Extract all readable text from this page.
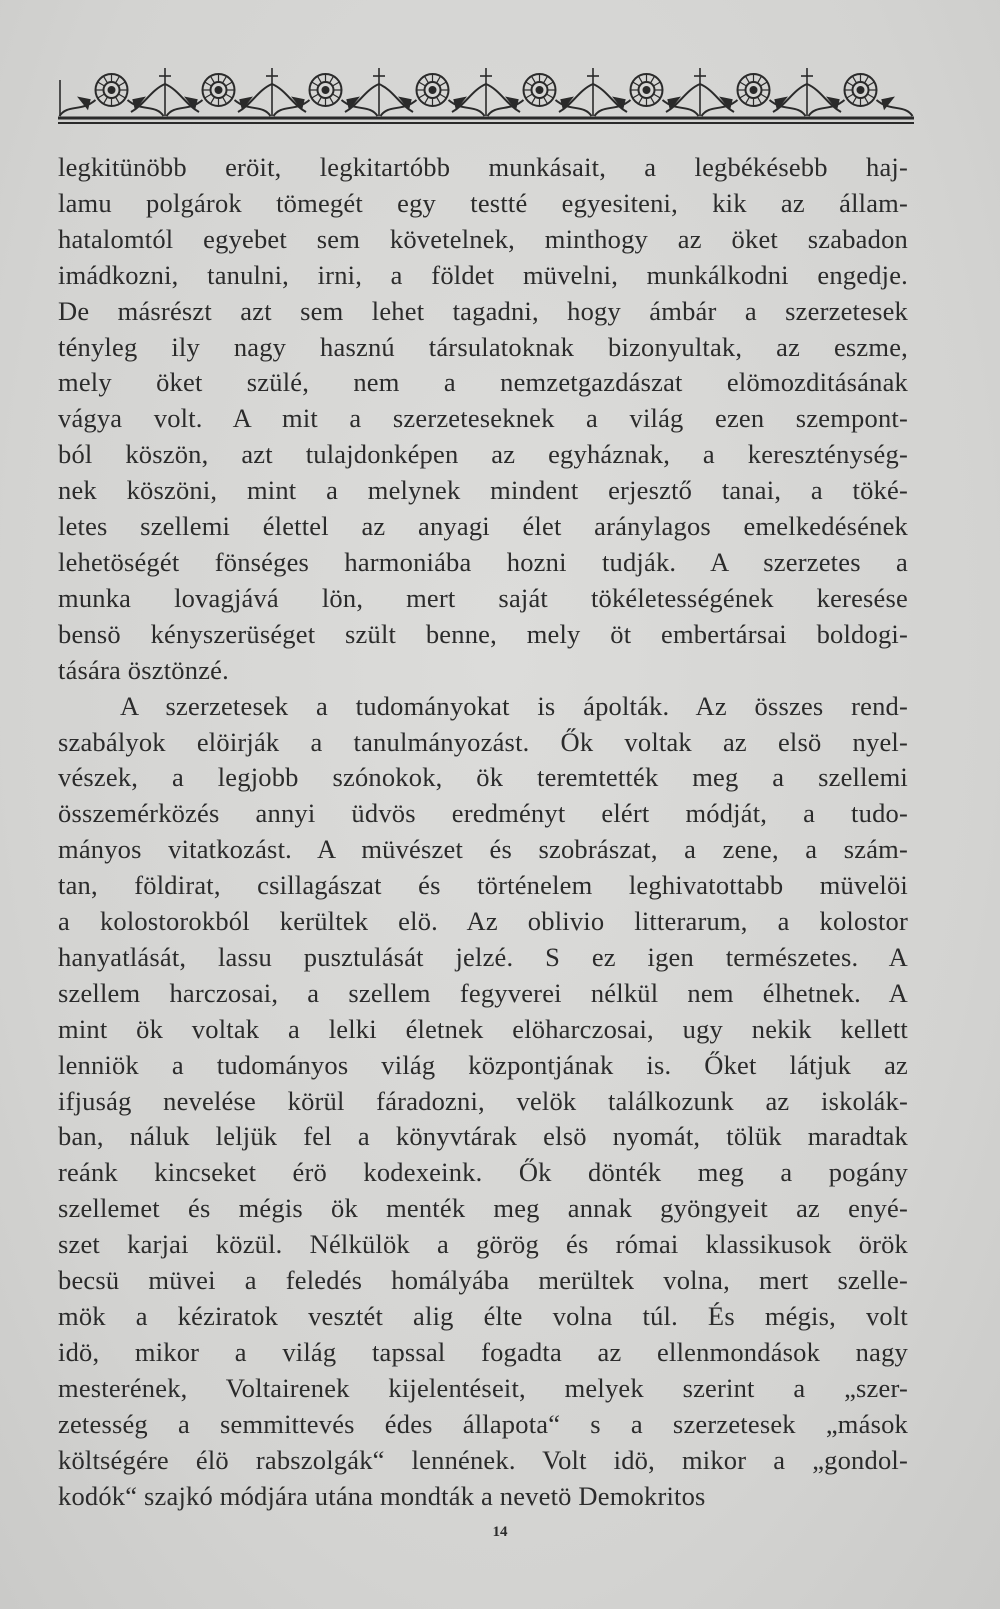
legkitünöbb eröit, legkitartóbb munkásait, a legbékésebb haj-
lamu polgárok tömegét egy testté egyesiteni, kik az állam-
hatalomtól egyebet sem követelnek, minthogy az öket szabadon
imádkozni, tanulni, irni, a földet müvelni, munkálkodni engedje.
De másrészt azt sem lehet tagadni, hogy ámbár a szerzetesek
tényleg ily nagy hasznú társulatoknak bizonyultak, az eszme,
mely öket szülé, nem a nemzetgazdászat elömozditásának
vágya volt. A mit a szerzeteseknek a világ ezen szempont-
ból köszön, azt tulajdonképen az egyháznak, a kereszténység-
nek köszöni, mint a melynek mindent erjesztő tanai, a töké-
letes szellemi élettel az anyagi élet aránylagos emelkedésének
lehetöségét fönséges harmoniába hozni tudják. A szerzetes a
munka lovagjává lön, mert saját tökéletességének keresése
bensö kényszerüséget szült benne, mely öt embertársai boldogi-
tására ösztönzé.
A szerzetesek a tudományokat is ápolták. Az összes rend-
szabályok elöirják a tanulmányozást. Ők voltak az elsö nyel-
vészek, a legjobb szónokok, ök teremtették meg a szellemi
összemérközés annyi üdvös eredményt elért módját, a tudo-
mányos vitatkozást. A müvészet és szobrászat, a zene, a szám-
tan, földirat, csillagászat és történelem leghivatottabb müvelöi
a kolostorokból kerültek elö. Az oblivio litterarum, a kolostor
hanyatlását, lassu pusztulását jelzé. S ez igen természetes. A
szellem harczosai, a szellem fegyverei nélkül nem élhetnek. A
mint ök voltak a lelki életnek elöharczosai, ugy nekik kellett
lenniök a tudományos világ központjának is. Őket látjuk az
ifjuság nevelése körül fáradozni, velök találkozunk az iskolák-
ban, náluk leljük fel a könyvtárak elsö nyomát, tölük maradtak
reánk kincseket érö kodexeink. Ők dönték meg a pogány
szellemet és mégis ök menték meg annak gyöngyeit az enyé-
szet karjai közül. Nélkülök a görög és római klassikusok örök
becsü müvei a feledés homályába merültek volna, mert szelle-
mök a kéziratok vesztét alig élte volna túl. És mégis, volt
idö, mikor a világ tapssal fogadta az ellenmondások nagy
mesterének, Voltairenek kijelentéseit, melyek szerint a „szer-
zetesség a semmittevés édes állapota“ s a szerzetesek „mások
költségére élö rabszolgák“ lennének. Volt idö, mikor a „gondol-
kodók“ szajkó módjára utána mondták a nevetö Demokritos
14
